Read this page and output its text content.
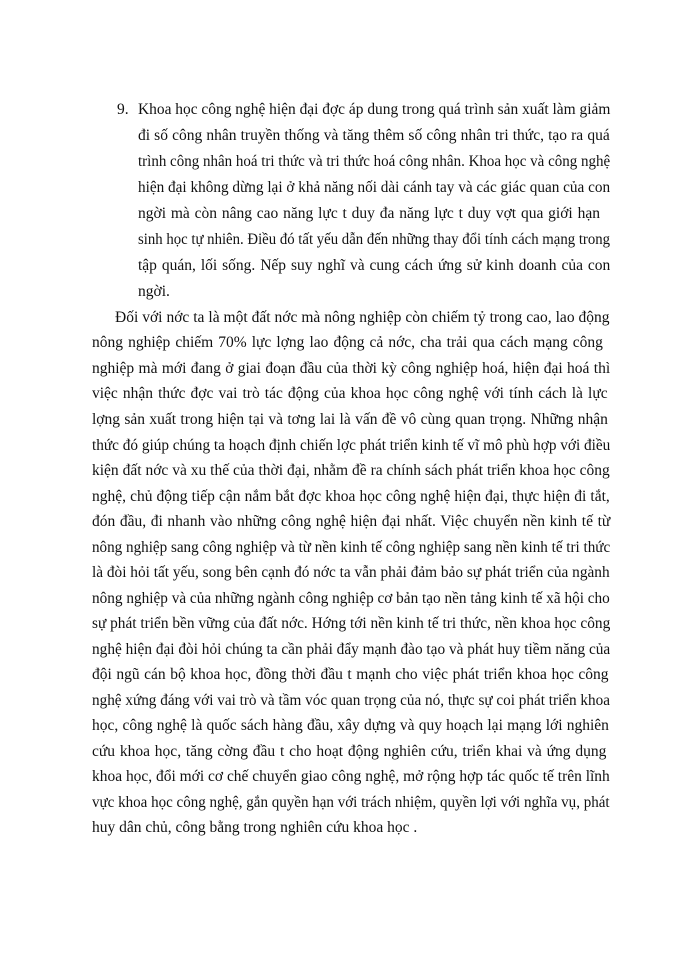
9. Khoa học công nghệ hiện đại đợc áp dung trong quá trình sản xuất làm giảm
đi số công nhân truyền thống và tăng thêm số công nhân tri thức, tạo ra quá
trình công nhân hoá tri thức và tri thức hoá công nhân. Khoa học và công nghệ
hiện đại không dừng lại ở khả năng nối dài cánh tay và các giác quan của con
ngời mà còn nâng cao năng lực t duy đa năng lực t duy vợt qua giới hạn
sinh học tự nhiên. Điều đó tất yếu dẫn đến những thay đổi tính cách mạng trong
tập quán, lối sống. Nếp suy nghĩ và cung cách ứng sử kinh doanh của con
ngời.
Đối với nớc ta là một đất nớc mà nông nghiệp còn chiếm tỷ trong cao, lao động
nông nghiệp chiếm 70% lực lợng lao động cả nớc, cha trải qua cách mạng công
nghiệp mà mới đang ở giai đoạn đầu của thời kỳ công nghiệp hoá, hiện đại hoá thì
việc nhận thức đợc vai trò tác động của khoa học công nghệ với tính cách là lực
lợng sản xuất trong hiện tại và tơng lai là vấn đề vô cùng quan trọng. Những nhận
thức đó giúp chúng ta hoạch định chiến lợc phát triển kinh tế vĩ mô phù hợp với điều
kiện đất nớc và xu thế của thời đại, nhằm đề ra chính sách phát triển khoa học công
nghệ, chủ động tiếp cận nắm bắt đợc khoa học công nghệ hiện đại, thực hiện đi tắt,
đón đầu, đi nhanh vào những công nghệ hiện đại nhất. Việc chuyển nền kinh tế từ
nông nghiệp sang công nghiệp và từ nền kinh tế công nghiệp sang nền kinh tế tri thức
là đòi hỏi tất yếu, song bên cạnh đó nớc ta vẫn phải đảm bảo sự phát triển của ngành
nông nghiệp và của những ngành công nghiệp cơ bản tạo nền tảng kinh tế xã hội cho
sự phát triển bền vững của đất nớc. Hớng tới nền kinh tế tri thức, nền khoa học công
nghệ hiện đại đòi hỏi chúng ta cần phải đẩy mạnh đào tạo và phát huy tiềm năng của
đội ngũ cán bộ khoa học, đồng thời đầu t mạnh cho việc phát triển khoa học công
nghệ xứng đáng với vai trò và tầm vóc quan trọng của nó, thực sự coi phát triển khoa
học, công nghệ là quốc sách hàng đầu, xây dựng và quy hoạch lại mạng lới nghiên
cứu khoa học, tăng cờng đầu t cho hoạt động nghiên cứu, triển khai và ứng dụng
khoa học, đổi mới cơ chế chuyển giao công nghệ, mở rộng hợp tác quốc tế trên lĩnh
vực khoa học công nghệ, gắn quyền hạn với trách nhiệm, quyền lợi với nghĩa vụ, phát
huy dân chủ, công bằng trong nghiên cứu khoa học .
